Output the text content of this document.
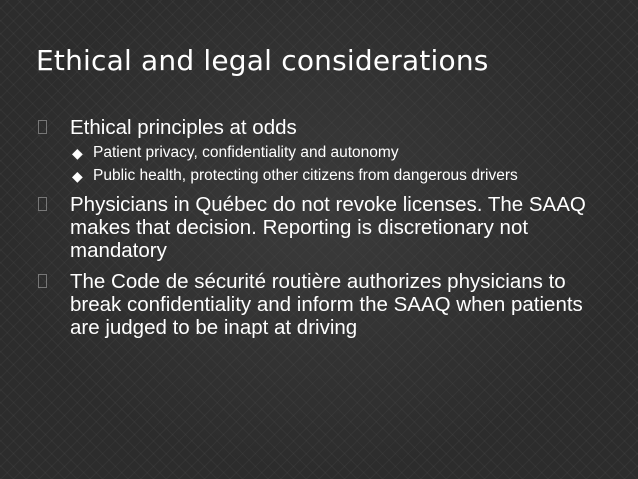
Ethical and legal considerations
Ethical principles at odds
◆ Patient privacy, confidentiality and autonomy
◆ Public health, protecting other citizens from dangerous drivers
Physicians in Québec do not revoke licenses. The SAAQ makes that decision. Reporting is discretionary not mandatory
The Code de sécurité routière authorizes physicians to break confidentiality and inform the SAAQ when patients are judged to be inapt at driving
